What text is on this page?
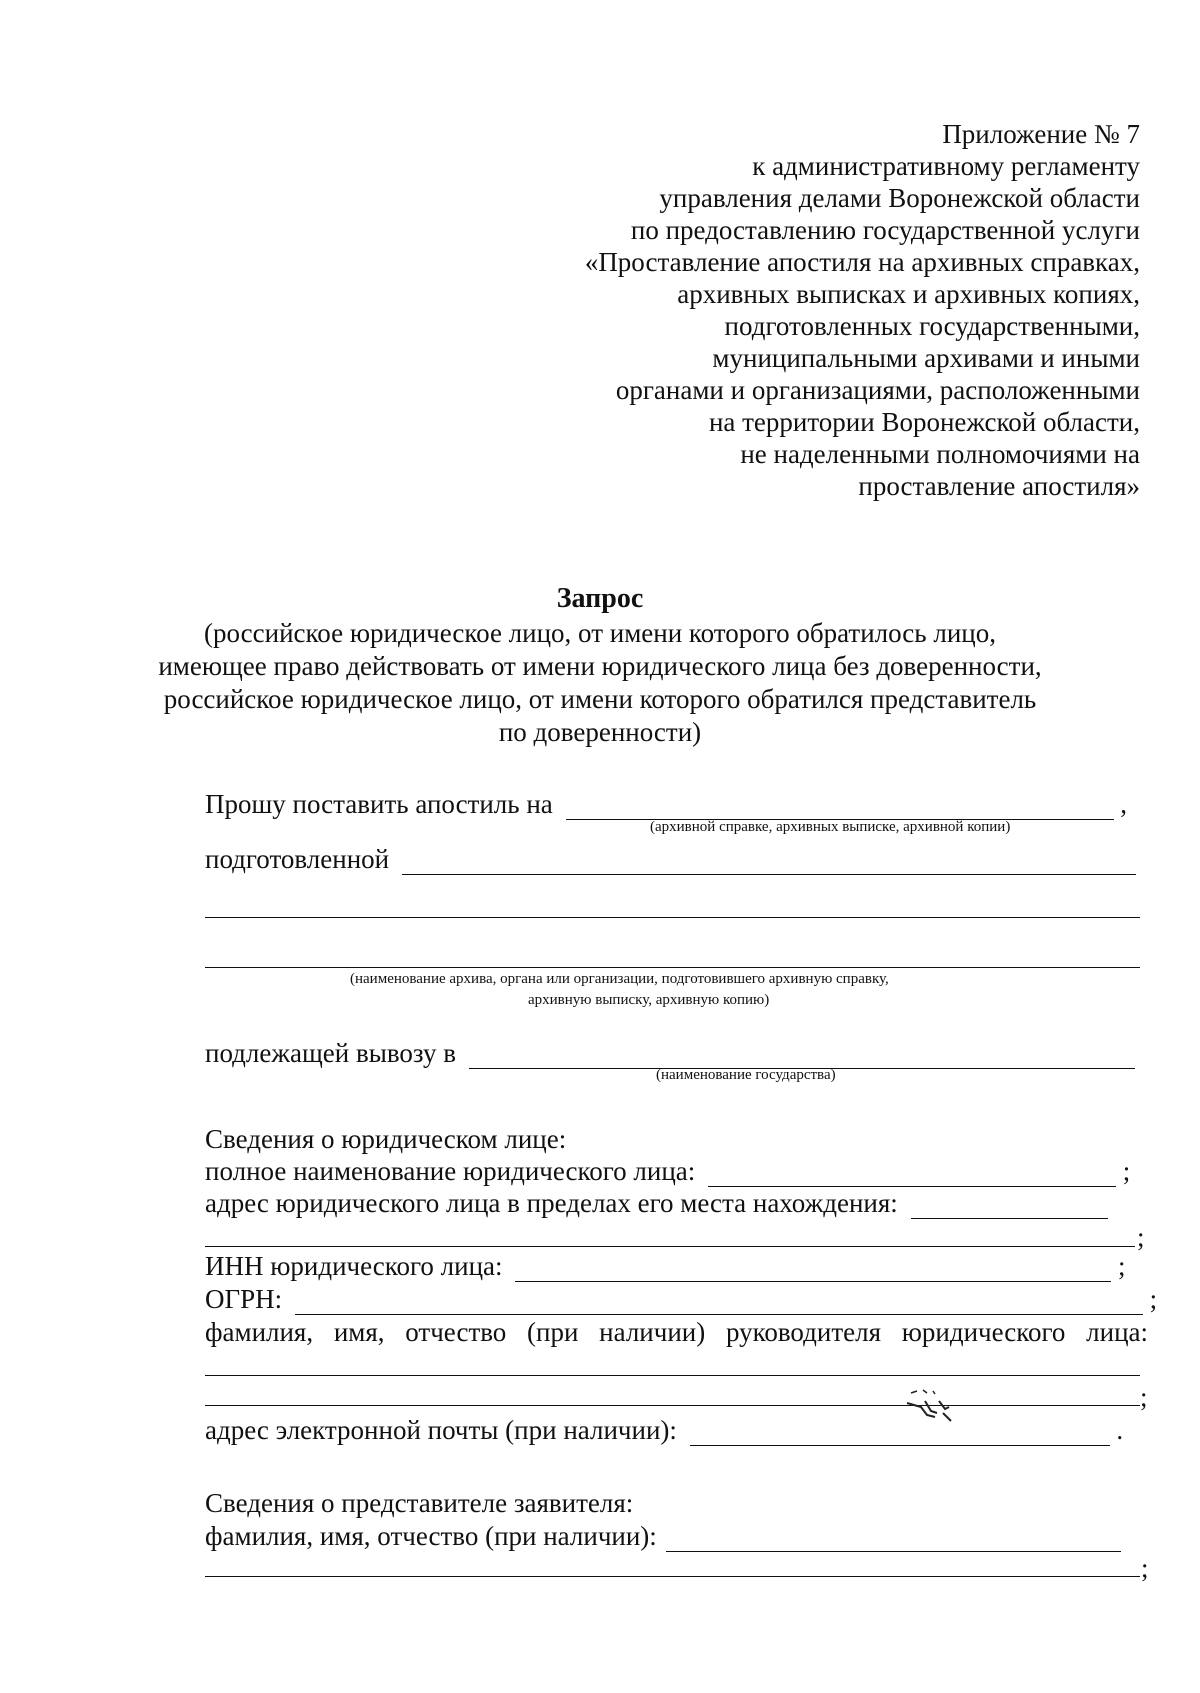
Приложение № 7
к административному регламенту
управления делами Воронежской области
по предоставлению государственной услуги
«Проставление апостиля на архивных справках,
архивных выписках и архивных копиях,
подготовленных государственными,
муниципальными архивами и иными
органами и организациями, расположенными
на территории Воронежской области,
не наделенными полномочиями на
проставление апостиля»
Запрос
(российское юридическое лицо, от имени которого обратилось лицо,
имеющее право действовать от имени юридического лица без доверенности,
российское юридическое лицо, от имени которого обратился представитель
по доверенности)
Прошу поставить апостиль на	,
(архивной справке, архивных выписке, архивной копии)
подготовленной
(наименование архива, органа или организации, подготовившего архивную справку,
архивную выписку, архивную копию)
подлежащей вывозу в
(наименование государства)
Сведения о юридическом лице:
полное наименование юридического лица:	;
адрес юридического лица в пределах его места нахождения:
;
ИНН юридического лица:	;
ОГРН:	;
фамилия, имя, отчество (при наличии) руководителя юридического лица:
;
адрес электронной почты (при наличии):	.
Сведения о представителе заявителя:
фамилия, имя, отчество (при наличии):
;
